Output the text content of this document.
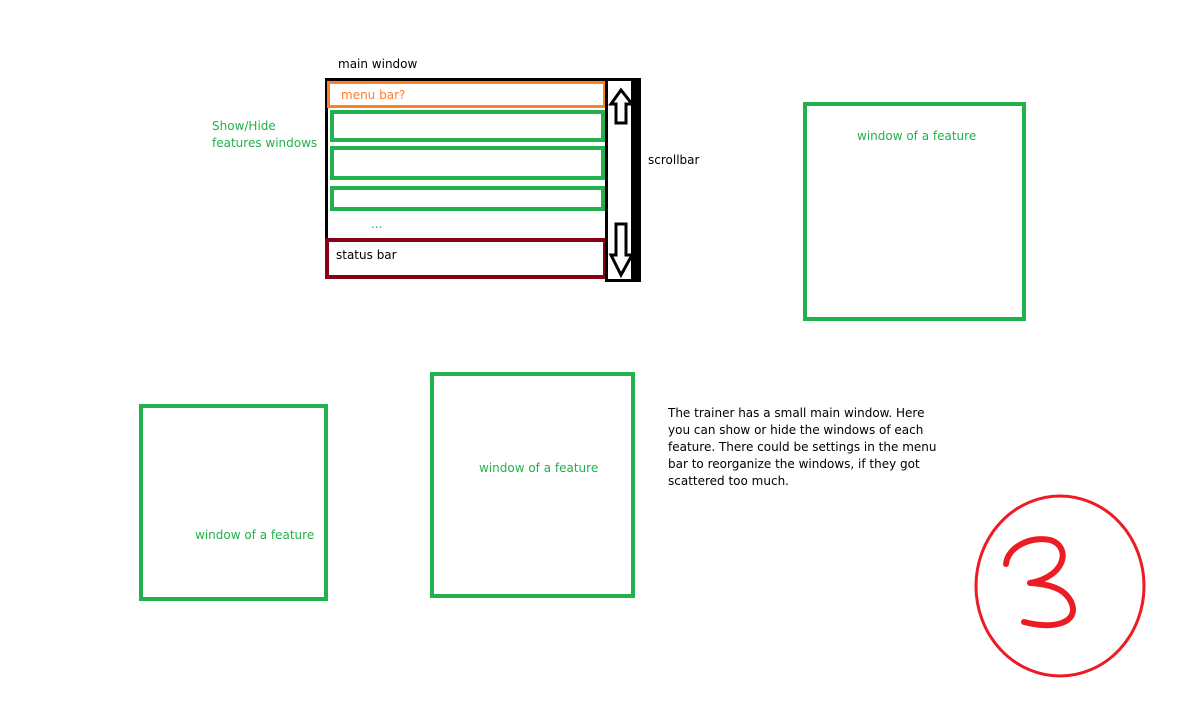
main window

Show/Hide
features windows

menu bar?

...

status bar

scrollbar

window of a feature
window of a feature
window of a feature

The trainer has a small main window. Here
you can show or hide the windows of each
feature. There could be settings in the menu
bar to reorganize the windows, if they got
scattered too much.
